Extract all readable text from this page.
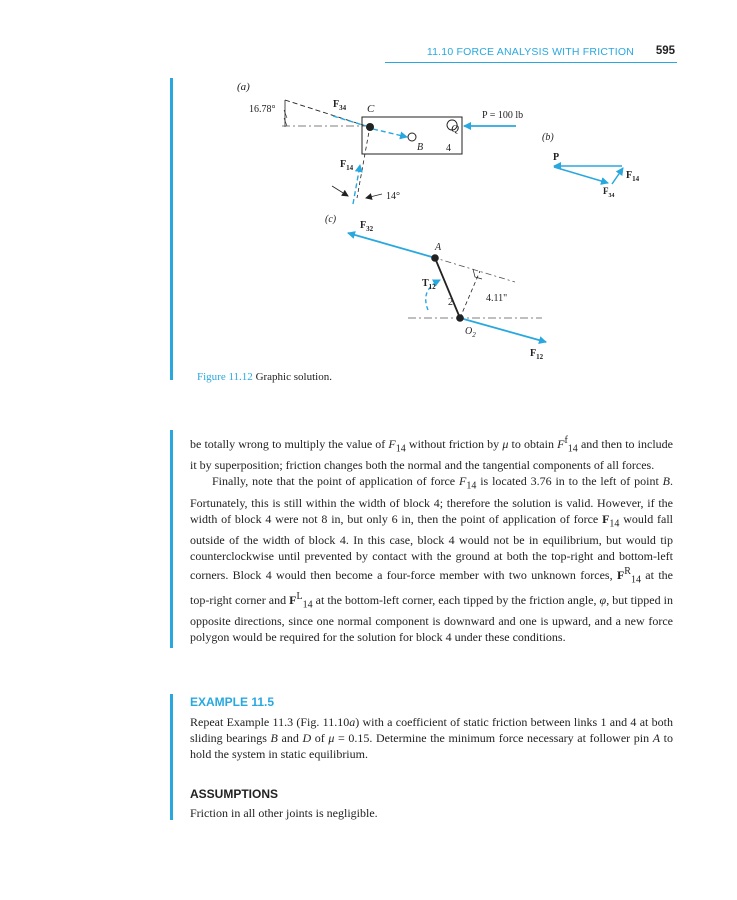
11.10 FORCE ANALYSIS WITH FRICTION 595
(a)
16.78°	$F_{34}$ C
4
B
Q
P = 100 lb
$F_{14}$
14°
(b)
P
$F_{14}$
$F_{34}$
(c)
$F_{32}$
$F_{12}$
A
2	4.11"
$O_2$
$T_{12}$
Figure 11.12 Graphic solution.

be totally wrong to multiply the value of $F_{14}$ without friction by μ to obtain $F^f_{14}$ and then to include it by superposition; friction changes both the normal and the tangential components of all forces.

Finally, note that the point of application of force $F_{14}$ is located 3.76 in to the left of point B. Fortunately, this is still within the width of block 4; therefore the solution is valid. However, if the width of block 4 were not 8 in, but only 6 in, then the point of application of force $F_{14}$ would fall outside of the width of block 4. In this case, block 4 would not be in equilibrium, but would tip counterclockwise until prevented by contact with the ground at both the top-right and bottom-left corners. Block 4 would then become a four-force member with two unknown forces, $F^R_{14}$ at the top-right corner and $F^L_{14}$ at the bottom-left corner, each tipped by the friction angle, φ, but tipped in opposite directions, since one normal component is downward and one is upward, and a new force polygon would be required for the solution for block 4 under these conditions.

EXAMPLE 11.5
Repeat Example 11.3 (Fig. 11.10a) with a coefficient of static friction between links 1 and 4 at both sliding bearings B and D of μ = 0.15. Determine the minimum force necessary at follower pin A to hold the system in static equilibrium.
ASSUMPTIONS
Friction in all other joints is negligible.
